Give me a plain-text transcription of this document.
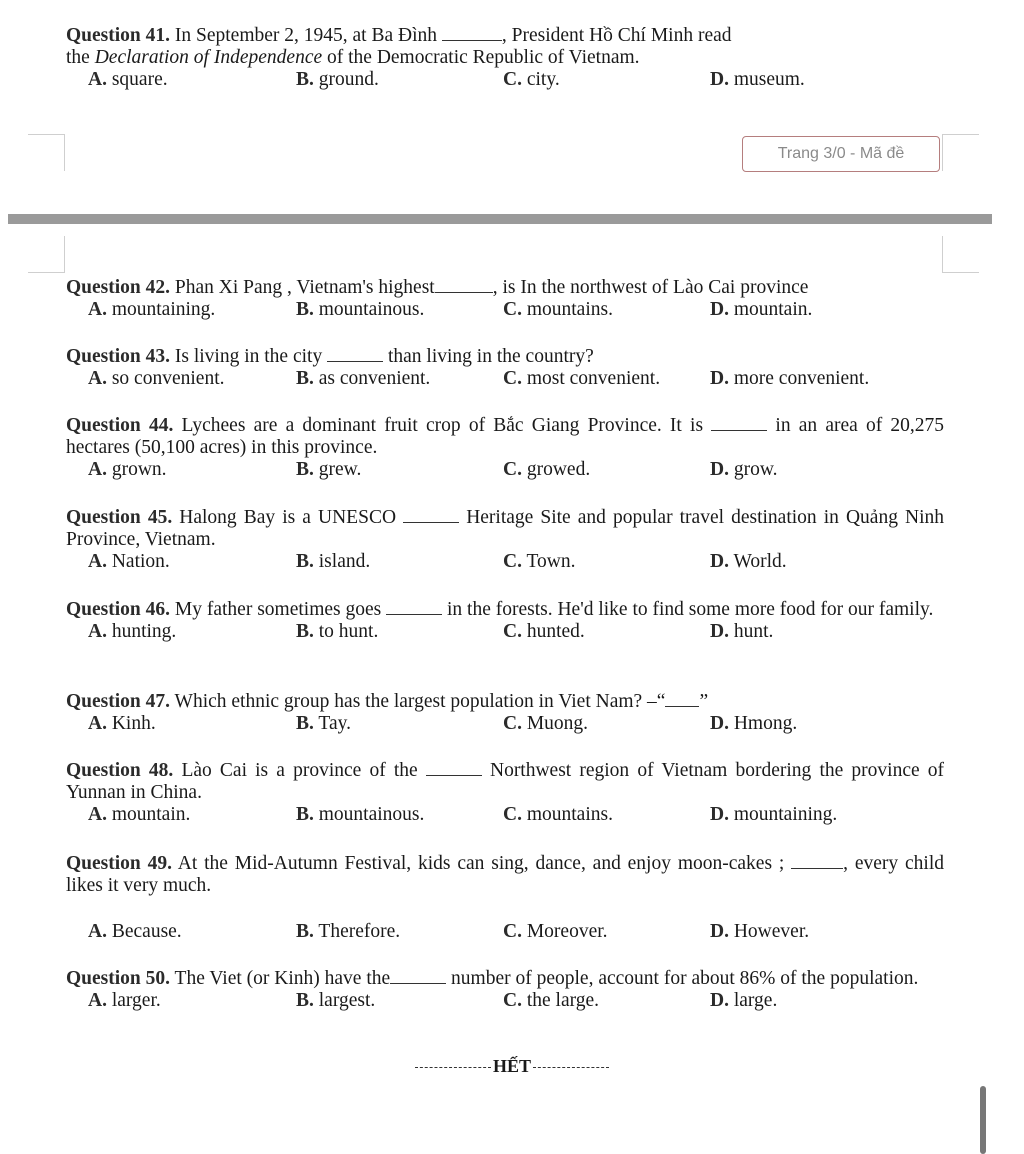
Question 41. In September 2, 1945, at Ba Đình	, President Hồ Chí Minh read
the Declaration of Independence of the Democratic Republic of Vietnam.
A. square.	B. ground.	C. city.	D. museum.
Trang 3/0 - Mã đề
Question 42. Phan Xi Pang , Vietnam's highest	, is In the northwest of Lào Cai province
A. mountaining.	B. mountainous.	C. mountains.	D. mountain.
Question 43. Is living in the city	than living in the country?
A. so convenient.	B. as convenient.	C. most convenient.	D. more convenient.
Question 44. Lychees are a dominant fruit crop of Bắc Giang Province. It is	in an area of 20,275 hectares (50,100 acres) in this province.
A. grown.	B. grew.	C. growed.	D. grow.
Question 45. Halong Bay is a UNESCO	Heritage Site and popular travel destination in Quảng Ninh Province, Vietnam.
A. Nation.	B. island.	C. Town.	D. World.
Question 46. My father sometimes goes	in the forests. He'd like to find some more food for our family.
A. hunting.	B. to hunt.	C. hunted.	D. hunt.
Question 47. Which ethnic group has the largest population in Viet Nam? –“ ”
A. Kinh.	B. Tay.	C. Muong.	D. Hmong.
Question 48. Lào Cai is a province of the	Northwest region of Vietnam bordering the province of Yunnan in China.
A. mountain.	B. mountainous.	C. mountains.	D. mountaining.
Question 49. At the Mid-Autumn Festival, kids can sing, dance, and enjoy moon-cakes ;	, every child likes it very much.
A. Because.	B. Therefore.	C. Moreover.	D. However.
Question 50. The Viet (or Kinh) have the	number of people, account for about 86% of the population.
A. larger.	B. largest.	C. the large.	D. large.
HẾT
